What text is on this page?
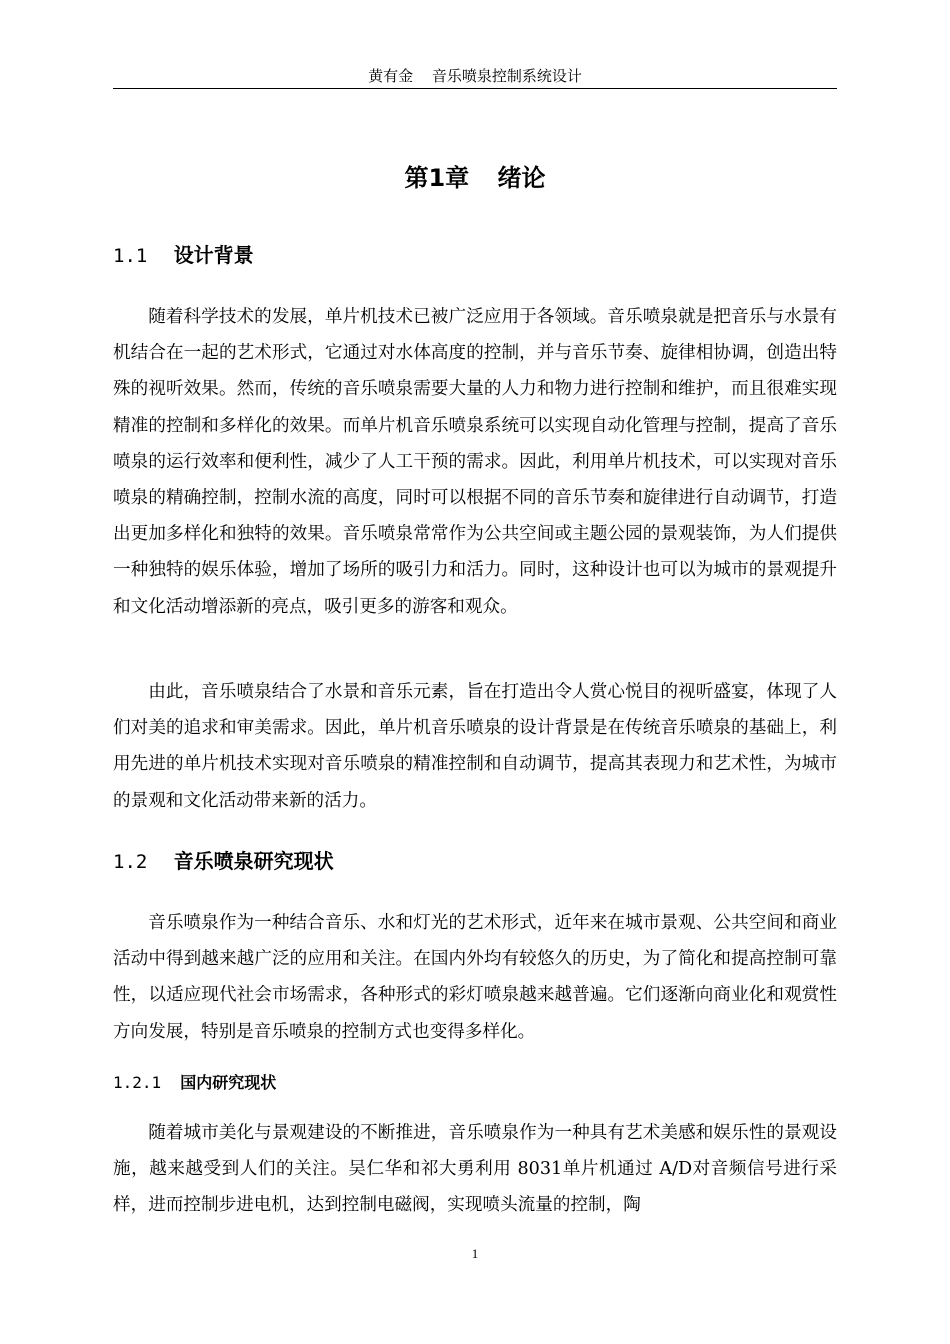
黄有金 音乐喷泉控制系统设计
第1章 绪论
1.1 设计背景

随着科学技术的发展，单片机技术已被广泛应用于各领域。音乐喷泉就是把音乐与水景有机结合在一起的艺术形式，它通过对水体高度的控制，并与音乐节奏、旋律相协调，创造出特殊的视听效果。然而，传统的音乐喷泉需要大量的人力和物力进行控制和维护，而且很难实现精准的控制和多样化的效果。而单片机音乐喷泉系统可以实现自动化管理与控制，提高了音乐喷泉的运行效率和便利性，减少了人工干预的需求。因此，利用单片机技术，可以实现对音乐喷泉的精确控制，控制水流的高度，同时可以根据不同的音乐节奏和旋律进行自动调节，打造出更加多样化和独特的效果。音乐喷泉常常作为公共空间或主题公园的景观装饰，为人们提供一种独特的娱乐体验，增加了场所的吸引力和活力。同时，这种设计也可以为城市的景观提升和文化活动增添新的亮点，吸引更多的游客和观众。

由此，音乐喷泉结合了水景和音乐元素，旨在打造出令人赏心悦目的视听盛宴，体现了人们对美的追求和审美需求。因此，单片机音乐喷泉的设计背景是在传统音乐喷泉的基础上，利用先进的单片机技术实现对音乐喷泉的精准控制和自动调节，提高其表现力和艺术性，为城市的景观和文化活动带来新的活力。

1.2 音乐喷泉研究现状

音乐喷泉作为一种结合音乐、水和灯光的艺术形式，近年来在城市景观、公共空间和商业活动中得到越来越广泛的应用和关注。在国内外均有较悠久的历史，为了简化和提高控制可靠性，以适应现代社会市场需求，各种形式的彩灯喷泉越来越普遍。它们逐渐向商业化和观赏性方向发展，特别是音乐喷泉的控制方式也变得多样化。

1.2.1 国内研究现状

随着城市美化与景观建设的不断推进，音乐喷泉作为一种具有艺术美感和娱乐性的景观设施，越来越受到人们的关注。吴仁华和祁大勇利用 8031单片机通过 A/D对音频信号进行采样，进而控制步进电机，达到控制电磁阀，实现喷头流量的控制，陶

1
